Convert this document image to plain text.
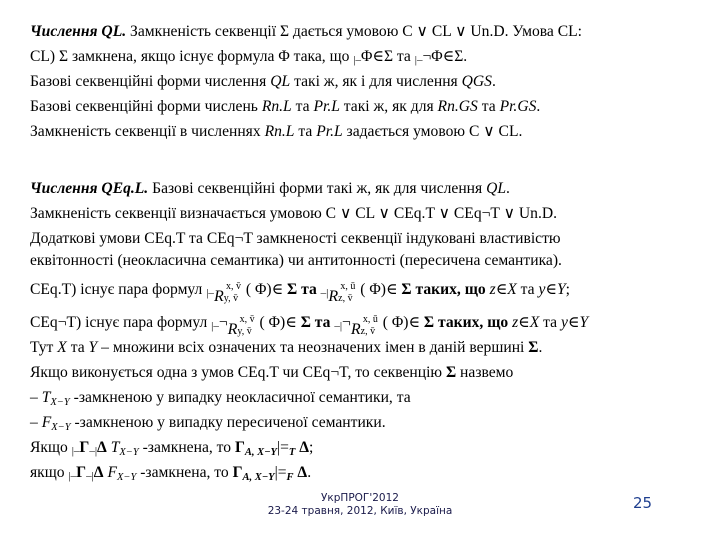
Числення QL. Замкненість секвенції Σ дається умовою C ∨ CL ∨ Un.D. Умова CL:
CL) Σ замкнена, якщо існує формула Φ така, що |–Φ∈Σ та |–¬Φ∈Σ.
Базові секвенційні форми числення QL такі ж, як і для числення QGS.
Базові секвенційні форми числень Rn.L та Pr.L такі ж, як для Rn.GS та Pr.GS.
Замкненість секвенції в численнях Rn.L та Pr.L задається умовою C ∨ CL.
Числення QEq.L. Базові секвенційні форми такі ж, як для числення QL.
Замкненість секвенції визначається умовою C ∨ CL ∨ CEq.T ∨ CEq¬T ∨ Un.D.
Додаткові умови CEq.T та CEq¬T замкненості секвенції індуковані властивістю
еквітонності (неокласична семантика) чи антитонності (пересичена семантика).
CEq.T) існує пара формул |–
x, v̄
Ry, v̄ ( Φ)∈ Σ та –|
x, ū
Rz, v̄ ( Φ)∈ Σ таких, що z∈X та y∈Y;
CEq¬T) існує пара формул |–¬	x, v̄
Ry, v̄ ( Φ)∈ Σ та –|¬	x, ū
Rz, v̄ ( Φ)∈ Σ таких, що z∈X та y∈Y
Тут X та Y – множини всіх означених та неозначених імен в даній вершині Σ.
Якщо виконується одна з умов CEq.T чи CEq¬T, то секвенцію Σ назвемо
– $T_{X-Y}$ -замкненою у випадку неокласичної семантики, та
– $F_{X-Y}$ -замкненою у випадку пересиченої семантики.
Якщо |–Γ–|Δ $T_{X-Y}$ -замкнена, то $\Gamma_{A, X-Y}|=_T$ Δ;
якщо |–Γ–|Δ $F_{X-Y}$ -замкнена, то $\Gamma_{A, X-Y}|=_F$ Δ.
УкрПРОГ'2012
23-24 травня, 2012, Київ, Україна	25
